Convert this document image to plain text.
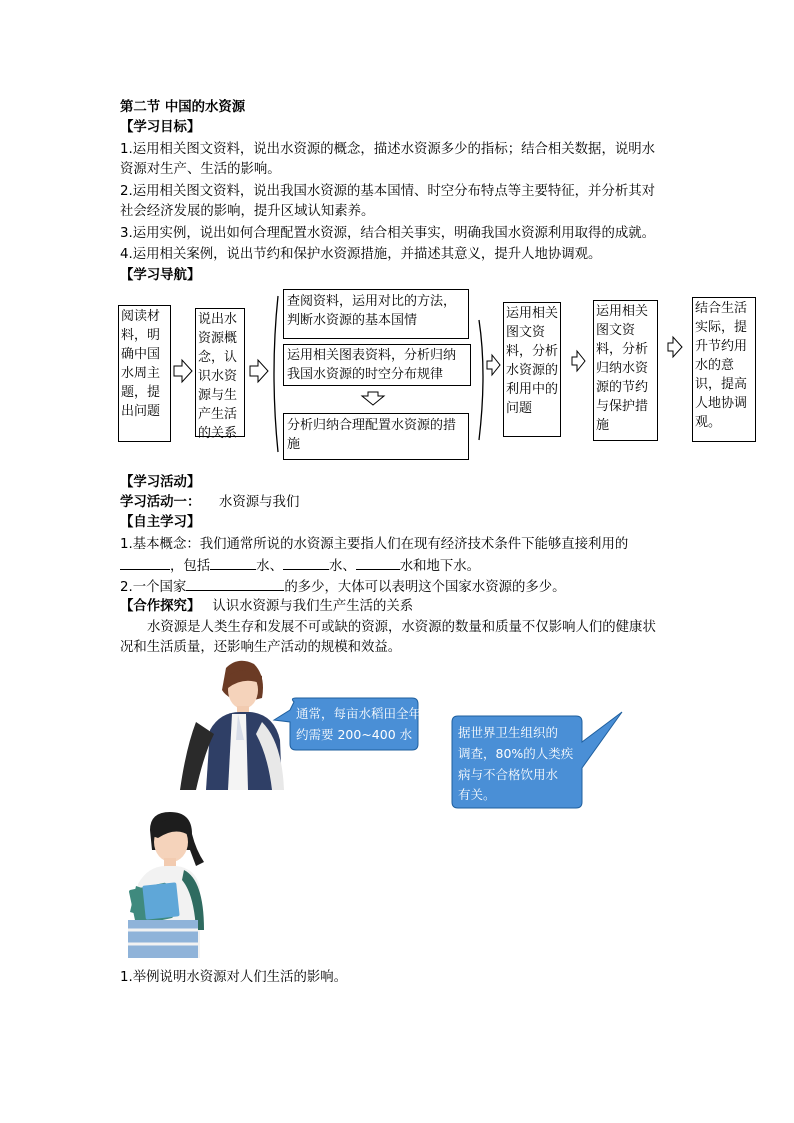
第二节 中国的水资源
【学习目标】
1.运用相关图文资料，说出水资源的概念，描述水资源多少的指标；结合相关数据，说明水
资源对生产、生活的影响。
2.运用相关图文资料，说出我国水资源的基本国情、时空分布特点等主要特征，并分析其对
社会经济发展的影响，提升区域认知素养。
3.运用实例，说出如何合理配置水资源，结合相关事实，明确我国水资源利用取得的成就。
4.运用相关案例，说出节约和保护水资源措施，并描述其意义，提升人地协调观。
【学习导航】
阅读材料，明确中国水周主题，提出问题
说出水资源概念，认识水资源与生产生活的关系
查阅资料，运用对比的方法，判断水资源的基本国情
运用相关图表资料，分析归纳我国水资源的时空分布规律
分析归纳合理配置水资源的措施
运用相关图文资料，分析水资源的利用中的问题
运用相关图文资料，分析归纳水资源的节约与保护措施
结合生活实际，提升节约用水的意识，提高人地协调观。
【学习活动】
学习活动一： 水资源与我们
【自主学习】
1.基本概念：我们通常所说的水资源主要指人们在现有经济技术条件下能够直接利用的
，包括	水、	水、	水和地下水。
2.一个国家	的多少，大体可以表明这个国家水资源的多少。
【合作探究】 认识水资源与我们生产生活的关系
水资源是人类生存和发展不可或缺的资源，水资源的数量和质量不仅影响人们的健康状
况和生活质量，还影响生产活动的规模和效益。
通常，每亩水稻田全年大
约需要 200~400 水	据世界卫生组织的
调查，80%的人类疾
病与不合格饮用水
有关。
1.举例说明水资源对人们生活的影响。
